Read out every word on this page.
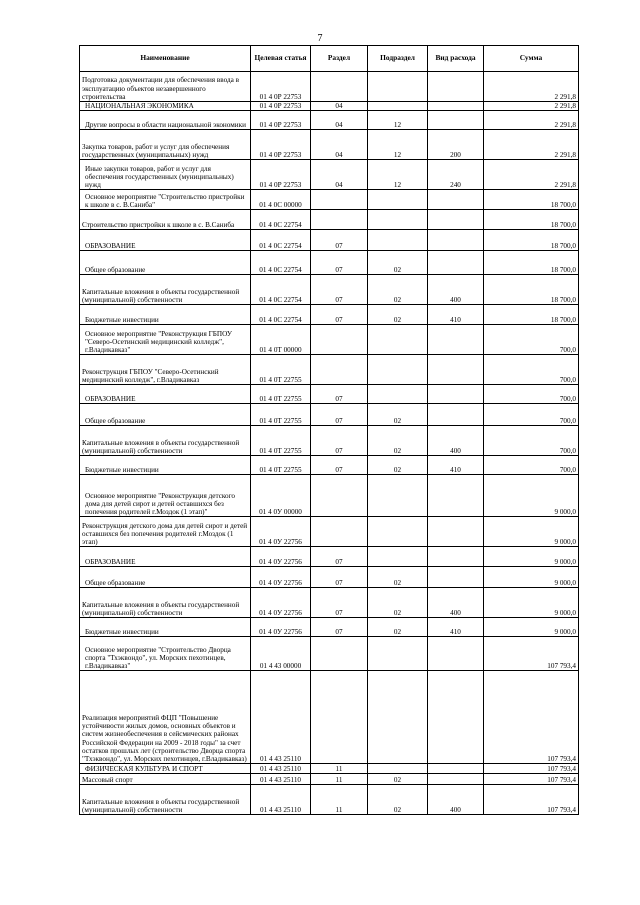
7
Наименование	Целевая статья	Раздел	Подраздел	Вид расхода	Сумма
Подготовка документации для обеспечения ввода в эксплуатацию объектов незавершенного строительства	01 4 0Р 22753				2 291,8
НАЦИОНАЛЬНАЯ ЭКОНОМИКА	01 4 0Р 22753	04			2 291,8
Другие вопросы в области национальной экономики	01 4 0Р 22753	04	12		2 291,8
Закупка товаров, работ и услуг для обеспечения государственных (муниципальных) нужд	01 4 0Р 22753	04	12	200	2 291,8
Иные закупки товаров, работ и услуг для обеспечения государственных (муниципальных) нужд	01 4 0Р 22753	04	12	240	2 291,8
Основное мероприятие "Строительство пристройки к школе в с. В.Саниба"	01 4 0С 00000				18 700,0
Строительство пристройки к школе в с. В.Саниба	01 4 0С 22754				18 700,0
ОБРАЗОВАНИЕ	01 4 0С 22754	07			18 700,0
Общее образование	01 4 0С 22754	07	02		18 700,0
Капитальные вложения в объекты государственной (муниципальной) собственности	01 4 0С 22754	07	02	400	18 700,0
Бюджетные инвестиции	01 4 0С 22754	07	02	410	18 700,0
Основное мероприятие "Реконструкция ГБПОУ "Северо-Осетинский медицинский колледж", г.Владикавказ"	01 4 0Т 00000				700,0
Реконструкция ГБПОУ "Северо-Осетинский медицинский колледж", г.Владикавказ	01 4 0Т 22755				700,0
ОБРАЗОВАНИЕ	01 4 0Т 22755	07			700,0
Общее образование	01 4 0Т 22755	07	02		700,0
Капитальные вложения в объекты государственной (муниципальной) собственности	01 4 0Т 22755	07	02	400	700,0
Бюджетные инвестиции	01 4 0Т 22755	07	02	410	700,0
Основное мероприятие "Реконструкция детского дома для детей сирот и детей оставшихся без попечения родителей г.Моздок (1 этап)"	01 4 0У 00000				9 000,0
Реконструкция детского дома для детей сирот и детей оставшихся без попечения родителей г.Моздок (1 этап)	01 4 0У 22756				9 000,0
ОБРАЗОВАНИЕ	01 4 0У 22756	07			9 000,0
Общее образование	01 4 0У 22756	07	02		9 000,0
Капитальные вложения в объекты государственной (муниципальной) собственности	01 4 0У 22756	07	02	400	9 000,0
Бюджетные инвестиции	01 4 0У 22756	07	02	410	9 000,0
Основное мероприятие "Строительство Дворца спорта "Тхэквондо", ул. Морских пехотинцев, г.Владикавказ"	01 4 43 00000				107 793,4
Реализация мероприятий ФЦП "Повышение устойчивости жилых домов, основных объектов и систем жизнеобеспечения в сейсмических районах Российской Федерации на 2009 - 2018 годы" за счет остатков прошлых лет (строительство Дворца спорта "Тхэквондо", ул. Морских пехотинцев, г.Владикавказ)	01 4 43 25110				107 793,4
ФИЗИЧЕСКАЯ КУЛЬТУРА И СПОРТ	01 4 43 25110	11			107 793,4
Массовый спорт	01 4 43 25110	11	02		107 793,4
Капитальные вложения в объекты государственной (муниципальной) собственности	01 4 43 25110	11	02	400	107 793,4
